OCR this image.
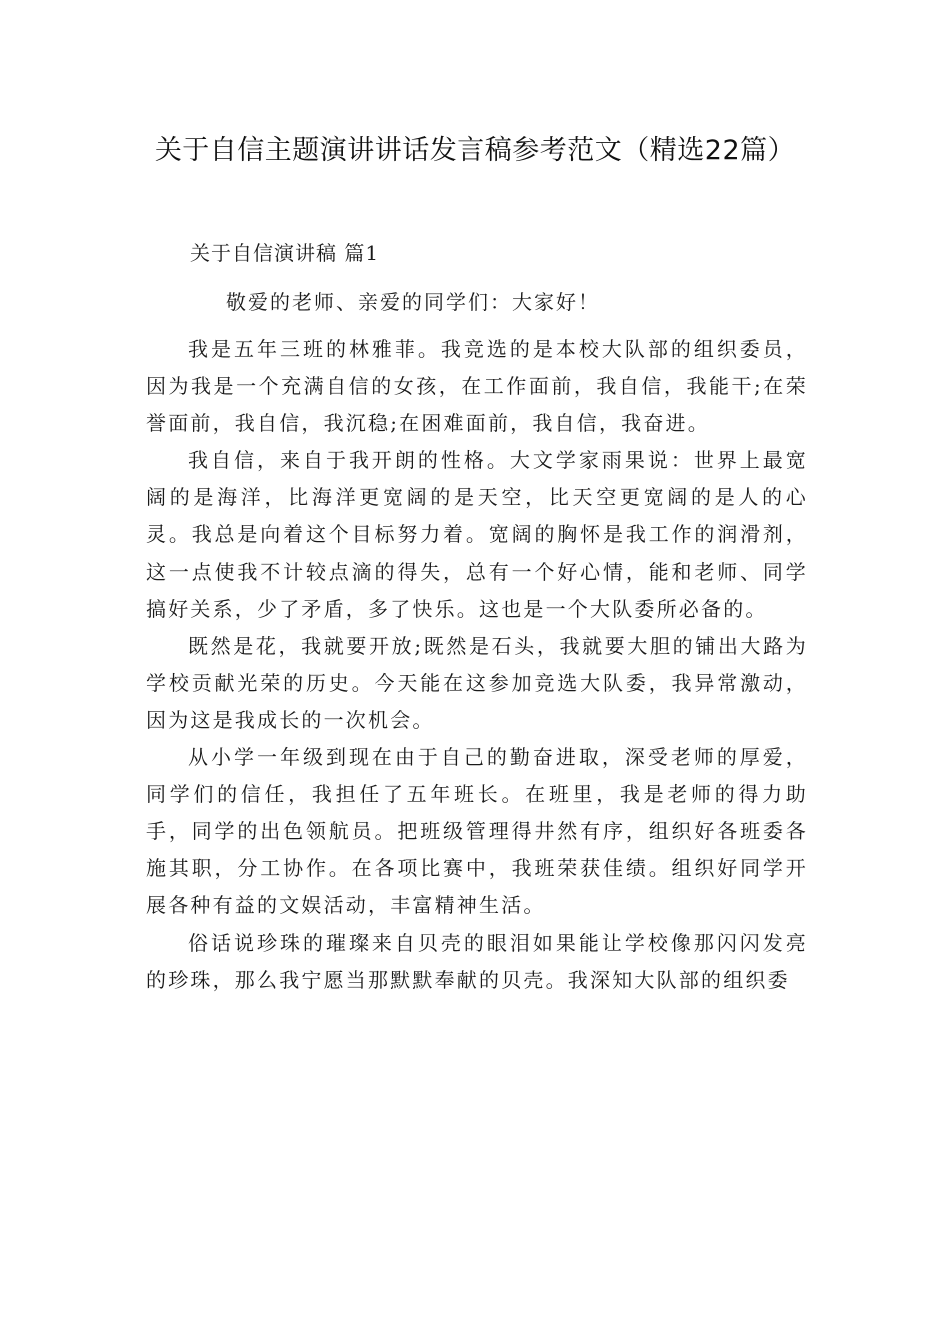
关于自信主题演讲讲话发言稿参考范文（精选22篇）
关于自信演讲稿 篇1
敬爱的老师、亲爱的同学们：大家好！

我是五年三班的林雅菲。我竞选的是本校大队部的组织委员，因为我是一个充满自信的女孩，在工作面前，我自信，我能干;在荣誉面前，我自信，我沉稳;在困难面前，我自信，我奋进。

我自信，来自于我开朗的性格。大文学家雨果说：世界上最宽阔的是海洋，比海洋更宽阔的是天空，比天空更宽阔的是人的心灵。我总是向着这个目标努力着。宽阔的胸怀是我工作的润滑剂，这一点使我不计较点滴的得失，总有一个好心情，能和老师、同学搞好关系，少了矛盾，多了快乐。这也是一个大队委所必备的。

既然是花，我就要开放;既然是石头，我就要大胆的铺出大路为学校贡献光荣的历史。今天能在这参加竞选大队委，我异常激动，因为这是我成长的一次机会。

从小学一年级到现在由于自己的勤奋进取，深受老师的厚爱，同学们的信任，我担任了五年班长。在班里，我是老师的得力助手，同学的出色领航员。把班级管理得井然有序，组织好各班委各施其职，分工协作。在各项比赛中，我班荣获佳绩。组织好同学开展各种有益的文娱活动，丰富精神生活。

俗话说珍珠的璀璨来自贝壳的眼泪如果能让学校像那闪闪发亮的珍珠，那么我宁愿当那默默奉献的贝壳。我深知大队部的组织委
